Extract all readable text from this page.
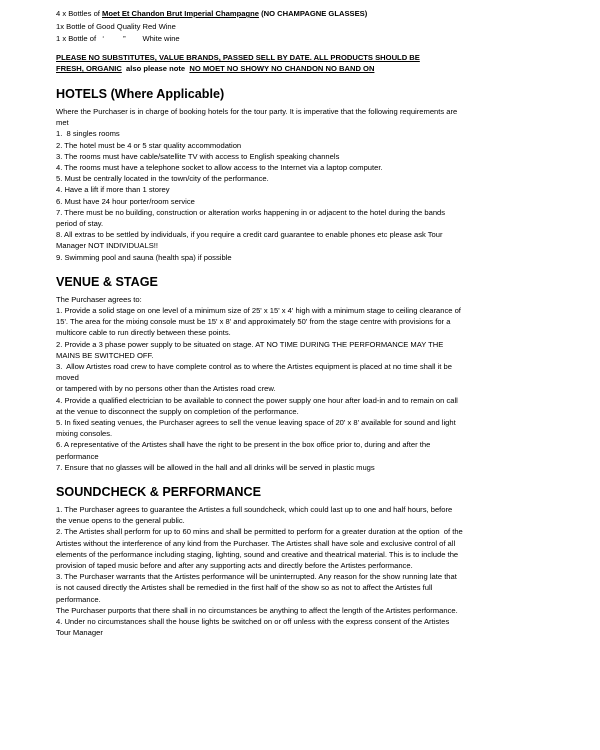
4 x Bottles of Moet Et Chandon Brut Imperial Champagne (NO CHAMPAGNE GLASSES)
1x Bottle of Good Quality Red Wine
1 x Bottle of   ‘         ”        White wine
PLEASE NO SUBSTITUTES, VALUE BRANDS, PASSED SELL BY DATE. ALL PRODUCTS SHOULD BE
FRESH, ORGANIC  also please note  NO MOET NO SHOWY NO CHANDON NO BAND ON
HOTELS (Where Applicable)
Where the Purchaser is in charge of booking hotels for the tour party. It is imperative that the following requirements are
met
1.  8 singles rooms
2. The hotel must be 4 or 5 star quality accommodation
3. The rooms must have cable/satellite TV with access to English speaking channels
4. The rooms must have a telephone socket to allow access to the Internet via a laptop computer.
5. Must be centrally located in the town/city of the performance.
4. Have a lift if more than 1 storey
6. Must have 24 hour porter/room service
7. There must be no building, construction or alteration works happening in or adjacent to the hotel during the bands
period of stay.
8. All extras to be settled by individuals, if you require a credit card guarantee to enable phones etc please ask Tour
Manager NOT INDIVIDUALS!!
9. Swimming pool and sauna (health spa) if possible
VENUE & STAGE
The Purchaser agrees to:
1. Provide a solid stage on one level of a minimum size of 25' x 15' x 4' high with a minimum stage to ceiling clearance of
15'. The area for the mixing console must be 15' x 8' and approximately 50' from the stage centre with provisions for a
multicore cable to run directly between these points.
2. Provide a 3 phase power supply to be situated on stage. AT NO TIME DURING THE PERFORMANCE MAY THE
MAINS BE SWITCHED OFF.
3.  Allow Artistes road crew to have complete control as to where the Artistes equipment is placed at no time shall it be
moved
or tampered with by no persons other than the Artistes road crew.
4. Provide a qualified electrician to be available to connect the power supply one hour after load-in and to remain on call
at the venue to disconnect the supply on completion of the performance.
5. In fixed seating venues, the Purchaser agrees to sell the venue leaving space of 20' x 8' available for sound and light
mixing consoles.
6. A representative of the Artistes shall have the right to be present in the box office prior to, during and after the
performance
7. Ensure that no glasses will be allowed in the hall and all drinks will be served in plastic mugs
SOUNDCHECK & PERFORMANCE
1. The Purchaser agrees to guarantee the Artistes a full soundcheck, which could last up to one and half hours, before
the venue opens to the general public.
2. The Artistes shall perform for up to 60 mins and shall be permitted to perform for a greater duration at the option  of the
Artistes without the interference of any kind from the Purchaser. The Artistes shall have sole and exclusive control of all
elements of the performance including staging, lighting, sound and creative and theatrical material. This is to include the
provision of taped music before and after any supporting acts and directly before the Artistes performance.
3. The Purchaser warrants that the Artistes performance will be uninterrupted. Any reason for the show running late that
is not caused directly the Artistes shall be remedied in the first half of the show so as not to affect the Artistes full
performance.
The Purchaser purports that there shall in no circumstances be anything to affect the length of the Artistes performance.
4. Under no circumstances shall the house lights be switched on or off unless with the express consent of the Artistes
Tour Manager
